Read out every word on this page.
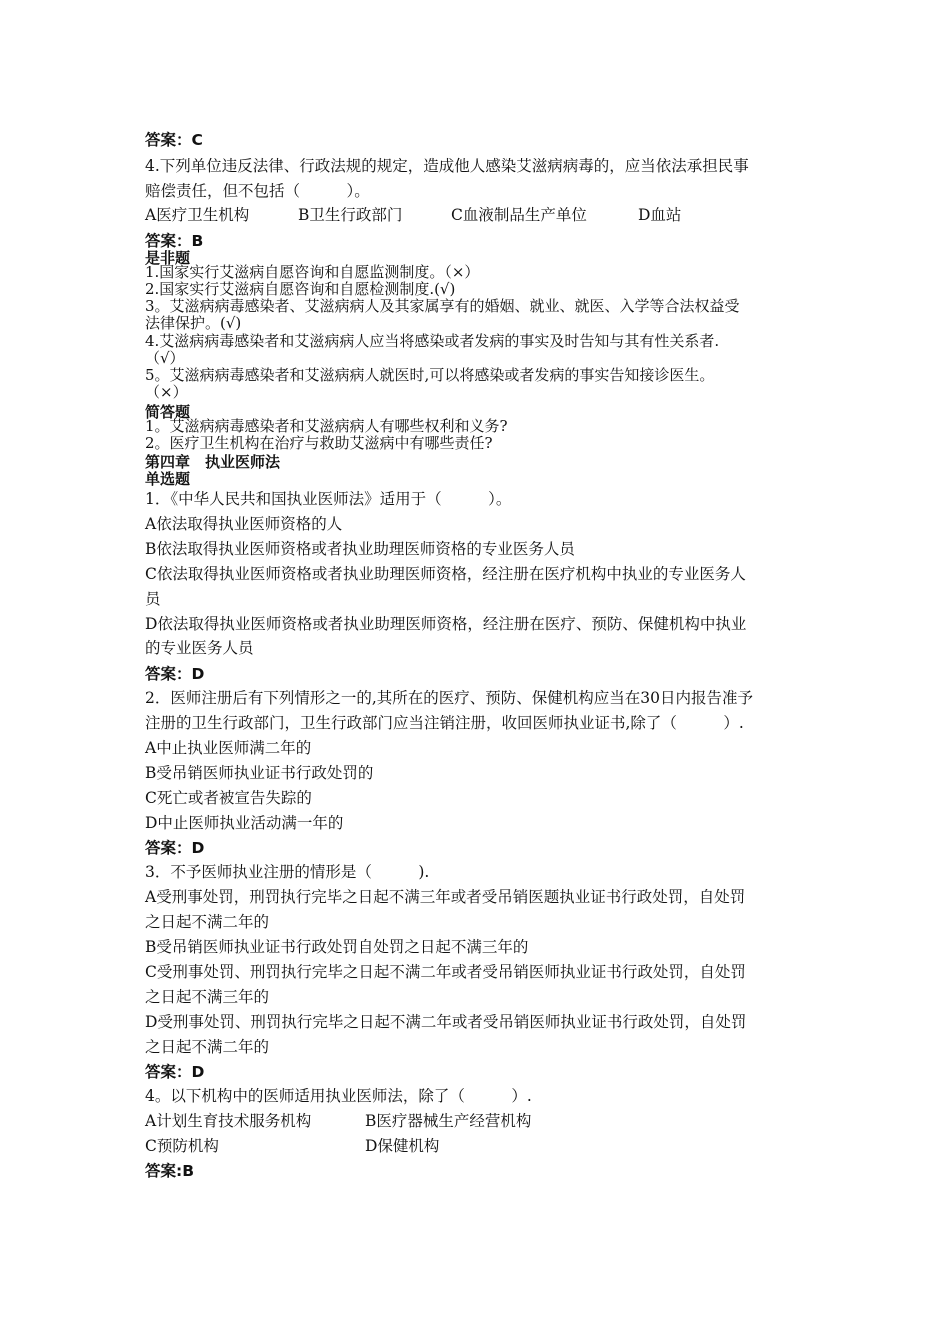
答案：C
4.下列单位违反法律、行政法规的规定，造成他人感染艾滋病病毒的，应当依法承担民事
赔偿责任，但不包括（　　　）。
A医疗卫生机构	B卫生行政部门	C血液制品生产单位	D血站
答案：B
是非题
1.国家实行艾滋病自愿咨询和自愿监测制度。（×）
2.国家实行艾滋病自愿咨询和自愿检测制度.(√)
3。艾滋病病毒感染者、艾滋病病人及其家属享有的婚姻、就业、就医、入学等合法权益受
法律保护。(√)
4.艾滋病病毒感染者和艾滋病病人应当将感染或者发病的事实及时告知与其有性关系者.
（√）
5。艾滋病病毒感染者和艾滋病病人就医时,可以将感染或者发病的事实告知接诊医生。
（×）
简答题
1。艾滋病病毒感染者和艾滋病病人有哪些权利和义务?
2。医疗卫生机构在治疗与救助艾滋病中有哪些责任?
第四章　执业医师法
单选题
1．《中华人民共和国执业医师法》适用于（　　　）。
A依法取得执业医师资格的人
B依法取得执业医师资格或者执业助理医师资格的专业医务人员
C依法取得执业医师资格或者执业助理医师资格，经注册在医疗机构中执业的专业医务人
员
D依法取得执业医师资格或者执业助理医师资格，经注册在医疗、预防、保健机构中执业
的专业医务人员
答案：D
2．医师注册后有下列情形之一的,其所在的医疗、预防、保健机构应当在30日内报告准予
注册的卫生行政部门，卫生行政部门应当注销注册，收回医师执业证书,除了（　　　）.
A中止执业医师满二年的
B受吊销医师执业证书行政处罚的
C死亡或者被宣告失踪的
D中止医师执业活动满一年的
答案：D
3．不予医师执业注册的情形是（　　　).
A受刑事处罚，刑罚执行完毕之日起不满三年或者受吊销医题执业证书行政处罚，自处罚
之日起不满二年的
B受吊销医师执业证书行政处罚自处罚之日起不满三年的
C受刑事处罚、刑罚执行完毕之日起不满二年或者受吊销医师执业证书行政处罚，自处罚
之日起不满三年的
D受刑事处罚、刑罚执行完毕之日起不满二年或者受吊销医师执业证书行政处罚，自处罚
之日起不满二年的
答案：D
4。以下机构中的医师适用执业医师法，除了（　　　）.
A计划生育技术服务机构	B医疗器械生产经营机构
C预防机构	D保健机构
答案:B
